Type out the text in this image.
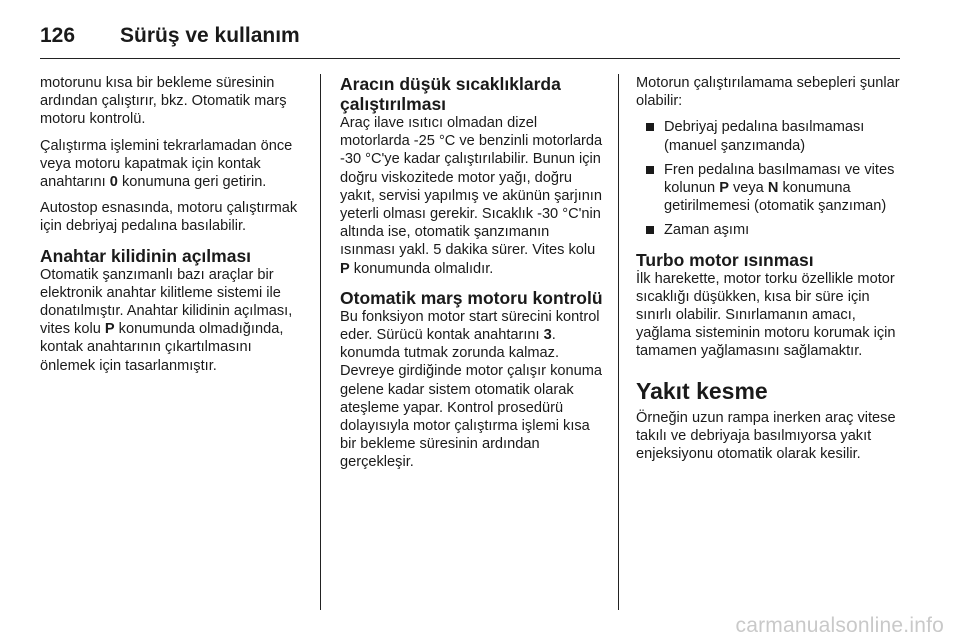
126 Sürüş ve kullanım

motorunu kısa bir bekleme süresinin ardından çalıştırır, bkz. Otomatik marş motoru kontrolü.

Çalıştırma işlemini tekrarlamadan önce veya motoru kapatmak için kontak anahtarını 0 konumuna geri getirin.

Autostop esnasında, motoru çalıştırmak için debriyaj pedalına basılabilir.

Anahtar kilidinin açılması

Otomatik şanzımanlı bazı araçlar bir elektronik anahtar kilitleme sistemi ile donatılmıştır. Anahtar kilidinin açılması, vites kolu P konumunda olmadığında, kontak anahtarının çıkartılmasını önlemek için tasarlanmıştır.

Aracın düşük sıcaklıklarda çalıştırılması

Araç ilave ısıtıcı olmadan dizel motorlarda -25 °C ve benzinli motorlarda -30 °C'ye kadar çalıştırılabilir. Bunun için doğru viskozitede motor yağı, doğru yakıt, servisi yapılmış ve akünün şarjının yeterli olması gerekir. Sıcaklık -30 °C'nin altında ise, otomatik şanzımanın ısınması yakl. 5 dakika sürer. Vites kolu P konumunda olmalıdır.

Otomatik marş motoru kontrolü

Bu fonksiyon motor start sürecini kontrol eder. Sürücü kontak anahtarını 3. konumda tutmak zorunda kalmaz. Devreye girdiğinde motor çalışır konuma gelene kadar sistem otomatik olarak ateşleme yapar. Kontrol prosedürü dolayısıyla motor çalıştırma işlemi kısa bir bekleme süresinin ardından gerçekleşir.

Motorun çalıştırılamama sebepleri şunlar olabilir:

Debriyaj pedalına basılmaması (manuel şanzımanda)
Fren pedalına basılmaması ve vites kolunun P veya N konumuna getirilmemesi (otomatik şanzıman)
Zaman aşımı
Turbo motor ısınması

İlk harekette, motor torku özellikle motor sıcaklığı düşükken, kısa bir süre için sınırlı olabilir. Sınırlamanın amacı, yağlama sisteminin motoru korumak için tamamen yağlamasını sağlamaktır.

Yakıt kesme

Örneğin uzun rampa inerken araç vitese takılı ve debriyaja basılmıyorsa yakıt enjeksiyonu otomatik olarak kesilir.

carmanualsonline.info
